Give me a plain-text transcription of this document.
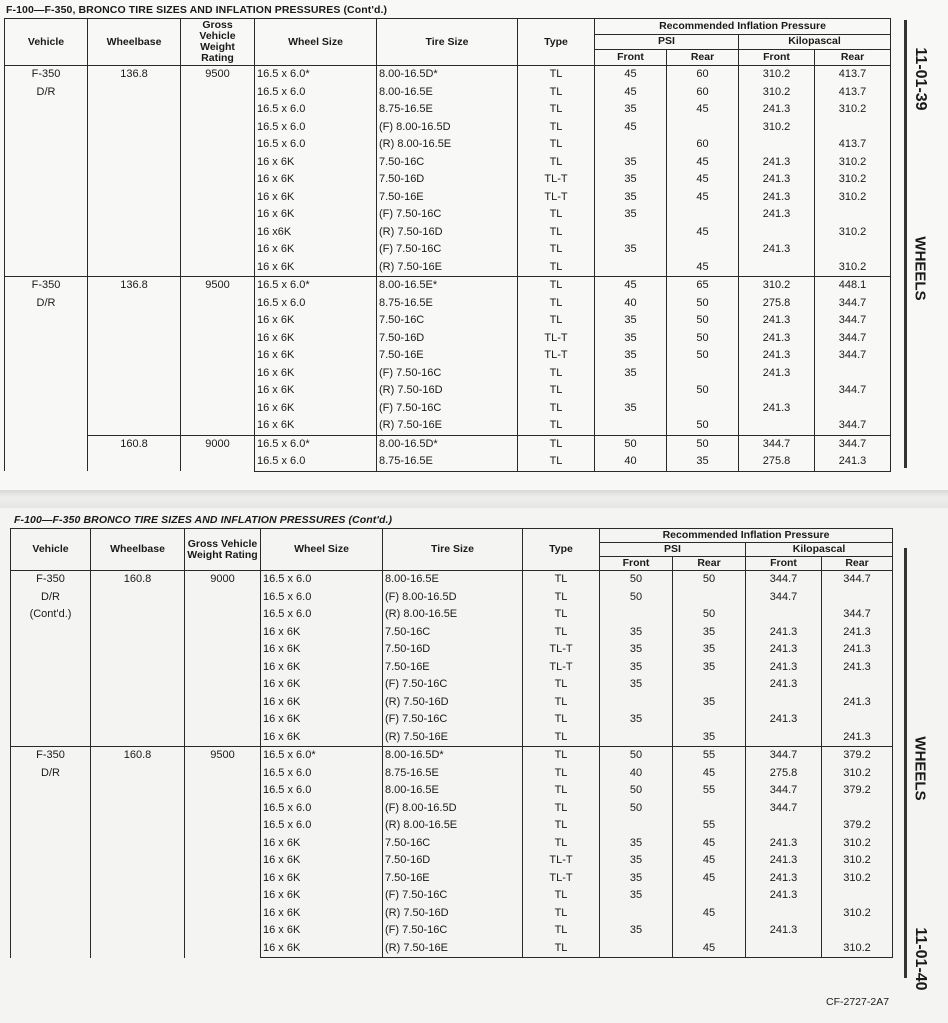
F-100—F-350, BRONCO TIRE SIZES AND INFLATION PRESSURES (Cont'd.)
Vehicle	Wheelbase	Gross Vehicle Weight Rating	Wheel Size	Tire Size	Type	Recommended Inflation Pressure			
						PSI		Kilopascal	
						Front	Rear	Front	Rear

F-350
D/R	136.8	9500	16.5 x 6.0*	8.00-16.5D*	TL	45	60	310.2	413.7
			16.5 x 6.0	8.00-16.5E	TL	45	60	310.2	413.7
			16.5 x 6.0	8.75-16.5E	TL	35	45	241.3	310.2
			16.5 x 6.0	(F) 8.00-16.5D	TL	45		310.2	
			16.5 x 6.0	(R) 8.00-16.5E	TL		60		413.7
			16 x 6K	7.50-16C	TL	35	45	241.3	310.2
			16 x 6K	7.50-16D	TL-T	35	45	241.3	310.2
			16 x 6K	7.50-16E	TL-T	35	45	241.3	310.2
			16 x 6K	(F) 7.50-16C	TL	35		241.3	
			16 x6K	(R) 7.50-16D	TL		45		310.2
			16 x 6K	(F) 7.50-16C	TL	35		241.3	
			16 x 6K	(R) 7.50-16E	TL		45		310.2

F-350
D/R	136.8	9500	16.5 x 6.0*	8.00-16.5E*	TL	45	65	310.2	448.1
			16.5 x 6.0	8.75-16.5E	TL	40	50	275.8	344.7
			16 x 6K	7.50-16C	TL	35	50	241.3	344.7
			16 x 6K	7.50-16D	TL-T	35	50	241.3	344.7
			16 x 6K	7.50-16E	TL-T	35	50	241.3	344.7
			16 x 6K	(F) 7.50-16C	TL	35		241.3	
			16 x 6K	(R) 7.50-16D	TL		50		344.7
			16 x 6K	(F) 7.50-16C	TL	35		241.3	
			16 x 6K	(R) 7.50-16E	TL		50		344.7
	160.8	9000	16.5 x 6.0*	8.00-16.5D*	TL	50	50	344.7	344.7
			16.5 x 6.0	8.75-16.5E	TL	40	35	275.8	241.3
11-01-39
WHEELS
F-100—F-350 BRONCO TIRE SIZES AND INFLATION PRESSURES (Cont'd.)
Vehicle	Wheelbase	Gross Vehicle Weight Rating	Wheel Size	Tire Size	Type	Recommended Inflation Pressure			
						PSI		Kilopascal	
						Front	Rear	Front	Rear

F-350
D/R
(Cont'd.)	160.8	9000	16.5 x 6.0	8.00-16.5E	TL	50	50	344.7	344.7
			16.5 x 6.0	(F) 8.00-16.5D	TL	50		344.7	
			16.5 x 6.0	(R) 8.00-16.5E	TL		50		344.7
			16 x 6K	7.50-16C	TL	35	35	241.3	241.3
			16 x 6K	7.50-16D	TL-T	35	35	241.3	241.3
			16 x 6K	7.50-16E	TL-T	35	35	241.3	241.3
			16 x 6K	(F) 7.50-16C	TL	35		241.3	
			16 x 6K	(R) 7.50-16D	TL		35		241.3
			16 x 6K	(F) 7.50-16C	TL	35		241.3	
			16 x 6K	(R) 7.50-16E	TL		35		241.3

F-350
D/R	160.8	9500	16.5 x 6.0*	8.00-16.5D*	TL	50	55	344.7	379.2
			16.5 x 6.0	8.75-16.5E	TL	40	45	275.8	310.2
			16.5 x 6.0	8.00-16.5E	TL	50	55	344.7	379.2
			16.5 x 6.0	(F) 8.00-16.5D	TL	50		344.7	
			16.5 x 6.0	(R) 8.00-16.5E	TL		55		379.2
			16 x 6K	7.50-16C	TL	35	45	241.3	310.2
			16 x 6K	7.50-16D	TL-T	35	45	241.3	310.2
			16 x 6K	7.50-16E	TL-T	35	45	241.3	310.2
			16 x 6K	(F) 7.50-16C	TL	35		241.3	
			16 x 6K	(R) 7.50-16D	TL		45		310.2
			16 x 6K	(F) 7.50-16C	TL	35		241.3	
			16 x 6K	(R) 7.50-16E	TL		45		310.2
WHEELS
11-01-40
CF-2727-2A7
